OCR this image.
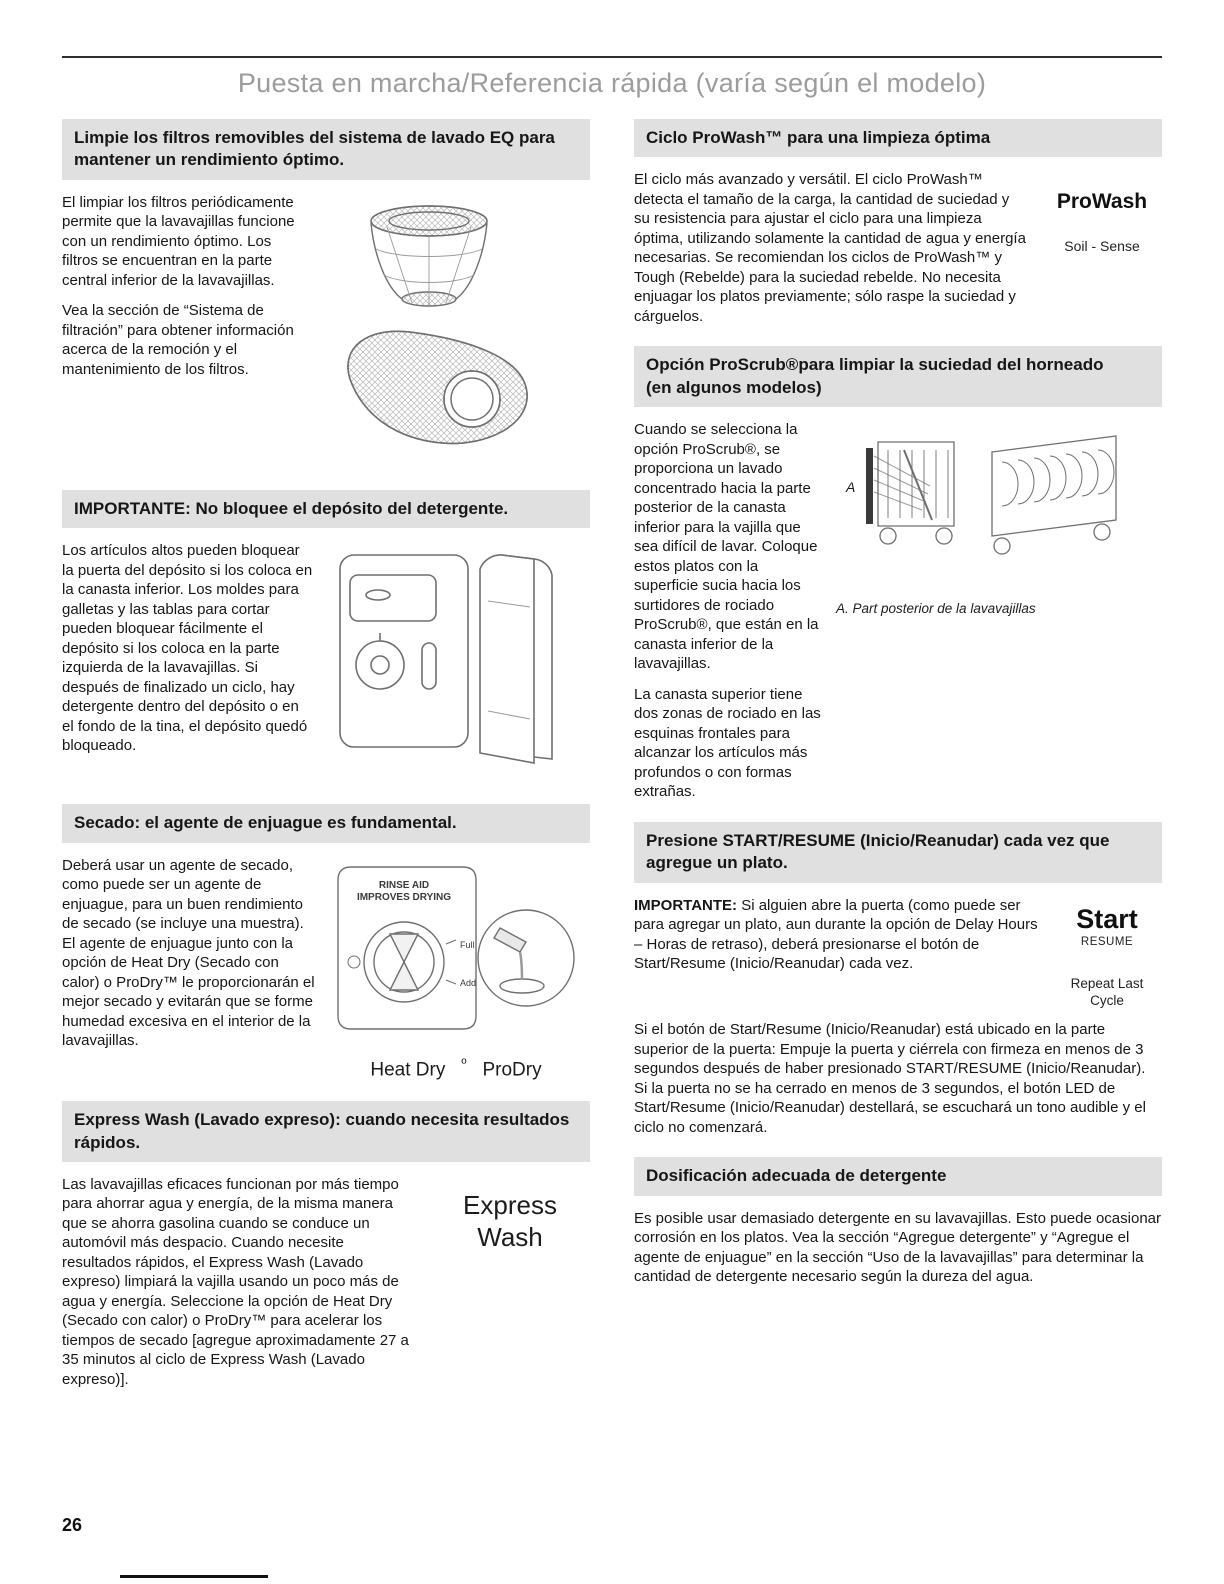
Puesta en marcha/Referencia rápida (varía según el modelo)
Limpie los filtros removibles del sistema de lavado EQ para mantener un rendimiento óptimo.

El limpiar los filtros periódicamente permite que la lavavajillas funcione con un rendimiento óptimo. Los filtros se encuentran en la parte central inferior de la lavavajillas.

Vea la sección de “Sistema de filtración” para obtener información acerca de la remoción y el mantenimiento de los filtros.

IMPORTANTE: No bloquee el depósito del detergente.

Los artículos altos pueden bloquear la puerta del depósito si los coloca en la canasta inferior. Los moldes para galletas y las tablas para cortar pueden bloquear fácilmente el depósito si los coloca en la parte izquierda de la lavavajillas. Si después de finalizado un ciclo, hay detergente dentro del depósito o en el fondo de la tina, el depósito quedó bloqueado.

Secado: el agente de enjuague es fundamental.

Deberá usar un agente de secado, como puede ser un agente de enjuague, para un buen rendimiento de secado (se incluye una muestra). El agente de enjuague junto con la opción de Heat Dry (Secado con calor) o ProDry™ le proporcionarán el mejor secado y evitarán que se forme humedad excesiva en el interior de la lavavajillas.

RINSE AID
IMPROVES DRYING
Full
Add
Heat Dry $^º$ ProDry
Express Wash (Lavado expreso): cuando necesita resultados rápidos.

Las lavavajillas eficaces funcionan por más tiempo para ahorrar agua y energía, de la misma manera que se ahorra gasolina cuando se conduce un automóvil más despacio. Cuando necesite resultados rápidos, el Express Wash (Lavado expreso) limpiará la vajilla usando un poco más de agua y energía. Seleccione la opción de Heat Dry (Secado con calor) o ProDry™ para acelerar los tiempos de secado [agregue aproximadamente 27 a 35 minutos al ciclo de Express Wash (Lavado expreso)].

Express
Wash
Ciclo ProWash™ para una limpieza óptima

El ciclo más avanzado y versátil. El ciclo ProWash™ detecta el tamaño de la carga, la cantidad de suciedad y su resistencia para ajustar el ciclo para una limpieza óptima, utilizando solamente la cantidad de agua y energía necesarias. Se recomiendan los ciclos de ProWash™ y Tough (Rebelde) para la suciedad rebelde. No necesita enjuagar los platos previamente; sólo raspe la suciedad y cárguelos.

ProWash
Soil - Sense
Opción ProScrub®para limpiar la suciedad del horneado
(en algunos modelos)

Cuando se selecciona la opción ProScrub®, se proporciona un lavado concentrado hacia la parte posterior de la canasta inferior para la vajilla que sea difícil de lavar. Coloque estos platos con la superficie sucia hacia los surtidores de rociado ProScrub®, que están en la canasta inferior de la lavavajillas.

La canasta superior tiene dos zonas de rociado en las esquinas frontales para alcanzar los artículos más profundos o con formas extrañas.

A
A. Part posterior de la lavavajillas
Presione START/RESUME (Inicio/Reanudar) cada vez que agregue un plato.

IMPORTANTE: Si alguien abre la puerta (como puede ser para agregar un plato, aun durante la opción de Delay Hours – Horas de retraso), deberá presionarse el botón de Start/Resume (Inicio/Reanudar) cada vez.

Start
RESUME
Repeat Last Cycle

Si el botón de Start/Resume (Inicio/Reanudar) está ubicado en la parte superior de la puerta: Empuje la puerta y ciérrela con firmeza en menos de 3 segundos después de haber presionado START/RESUME (Inicio/Reanudar). Si la puerta no se ha cerrado en menos de 3 segundos, el botón LED de Start/Resume (Inicio/Reanudar) destellará, se escuchará un tono audible y el ciclo no comenzará.

Dosificación adecuada de detergente

Es posible usar demasiado detergente en su lavavajillas. Esto puede ocasionar corrosión en los platos. Vea la sección “Agregue detergente” y “Agregue el agente de enjuague” en la sección “Uso de la lavavajillas” para determinar la cantidad de detergente necesario según la dureza del agua.

26
